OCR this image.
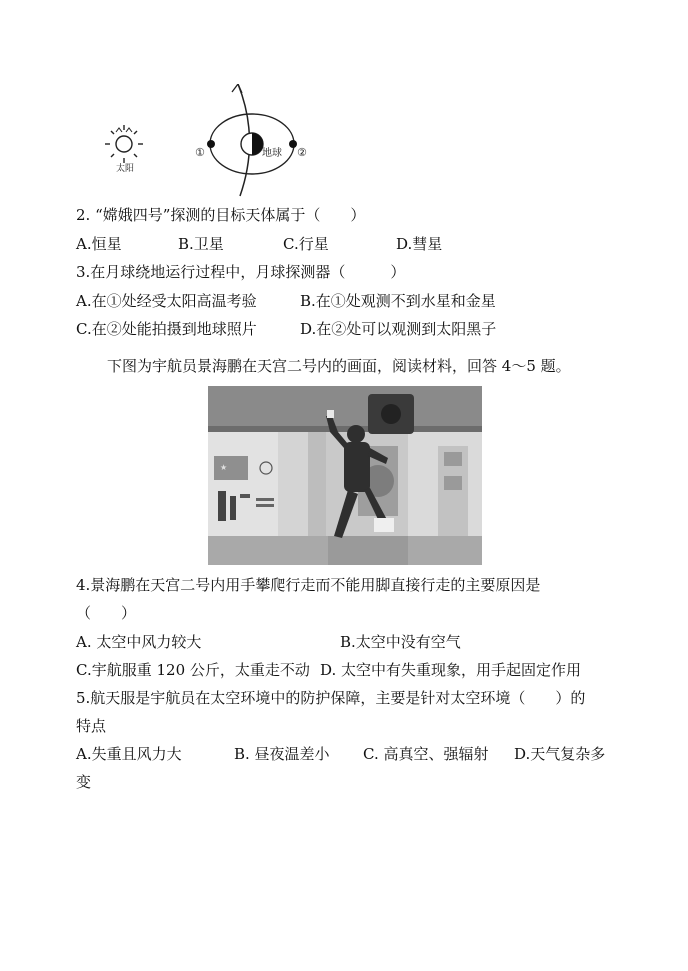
太阳
地球
①	②
2. “嫦娥四号”探测的目标天体属于（　　）
A.恒星	B.卫星	C.行星	D.彗星
3.在月球绕地运行过程中，月球探测器（　　　）
A.在①处经受太阳高温考验	B.在①处观测不到水星和金星
C.在②处能拍摄到地球照片	D.在②处可以观测到太阳黑子
下图为宇航员景海鹏在天宫二号内的画面，阅读材料，回答 4～5 题。
★
4.景海鹏在天宫二号内用手攀爬行走而不能用脚直接行走的主要原因是
（　　）
A. 太空中风力较大	B.太空中没有空气
C.宇航服重 120 公斤，太重走不动 D. 太空中有失重现象，用手起固定作用
5.航天服是宇航员在太空环境中的防护保障，主要是针对太空环境（　　）的
特点
A.失重且风力大	B. 昼夜温差小 C. 高真空、强辐射 D.天气复杂多
变
